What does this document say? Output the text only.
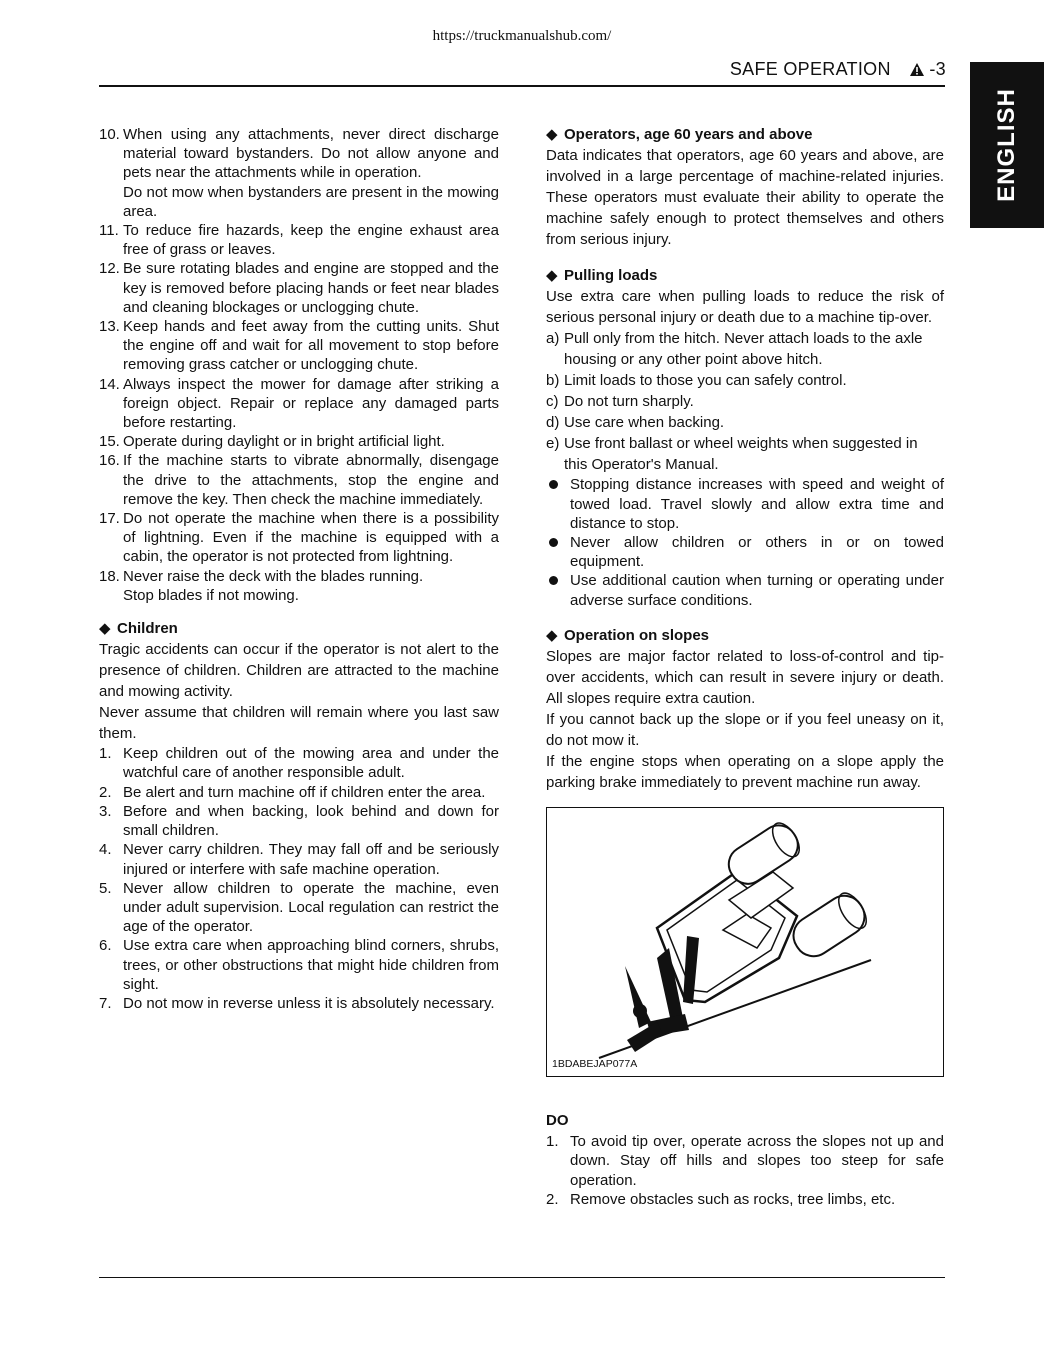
https://truckmanualshub.com/
SAFE OPERATION -3
ENGLISH
10. When using any attachments, never direct discharge material toward bystanders. Do not allow anyone and pets near the attachments while in operation.
Do not mow when bystanders are present in the mowing area.
11. To reduce fire hazards, keep the engine exhaust area free of grass or leaves.
12. Be sure rotating blades and engine are stopped and the key is removed before placing hands or feet near blades and cleaning blockages or unclogging chute.
13. Keep hands and feet away from the cutting units. Shut the engine off and wait for all movement to stop before removing grass catcher or unclogging chute.
14. Always inspect the mower for damage after striking a foreign object. Repair or replace any damaged parts before restarting.
15. Operate during daylight or in bright artificial light.
16. If the machine starts to vibrate abnormally, disengage the drive to the attachments, stop the engine and remove the key. Then check the machine immediately.
17. Do not operate the machine when there is a possibility of lightning. Even if the machine is equipped with a cabin, the operator is not protected from lightning.
18. Never raise the deck with the blades running.
Stop blades if not mowing.
◆ Children
Tragic accidents can occur if the operator is not alert to the presence of children. Children are attracted to the machine and mowing activity.
Never assume that children will remain where you last saw them.
1. Keep children out of the mowing area and under the watchful care of another responsible adult.
2. Be alert and turn machine off if children enter the area.
3. Before and when backing, look behind and down for small children.
4. Never carry children. They may fall off and be seriously injured or interfere with safe machine operation.
5. Never allow children to operate the machine, even under adult supervision. Local regulation can restrict the age of the operator.
6. Use extra care when approaching blind corners, shrubs, trees, or other obstructions that might hide children from sight.
7. Do not mow in reverse unless it is absolutely necessary.
◆ Operators, age 60 years and above
Data indicates that operators, age 60 years and above, are involved in a large percentage of machine-related injuries. These operators must evaluate their ability to operate the machine safely enough to protect themselves and others from serious injury.
◆ Pulling loads
Use extra care when pulling loads to reduce the risk of serious personal injury or death due to a machine tip-over.
a) Pull only from the hitch. Never attach loads to the axle housing or any other point above hitch.
b) Limit loads to those you can safely control.
c) Do not turn sharply.
d) Use care when backing.
e) Use front ballast or wheel weights when suggested in this Operator's Manual.
Stopping distance increases with speed and weight of towed load. Travel slowly and allow extra time and distance to stop.
Never allow children or others in or on towed equipment.
Use additional caution when turning or operating under adverse surface conditions.
◆ Operation on slopes
Slopes are major factor related to loss-of-control and tip-over accidents, which can result in severe injury or death. All slopes require extra caution.
If you cannot back up the slope or if you feel uneasy on it, do not mow it.
If the engine stops when operating on a slope apply the parking brake immediately to prevent machine run away.
1BDABEJAP077A
DO
1. To avoid tip over, operate across the slopes not up and down. Stay off hills and slopes too steep for safe operation.
2. Remove obstacles such as rocks, tree limbs, etc.
